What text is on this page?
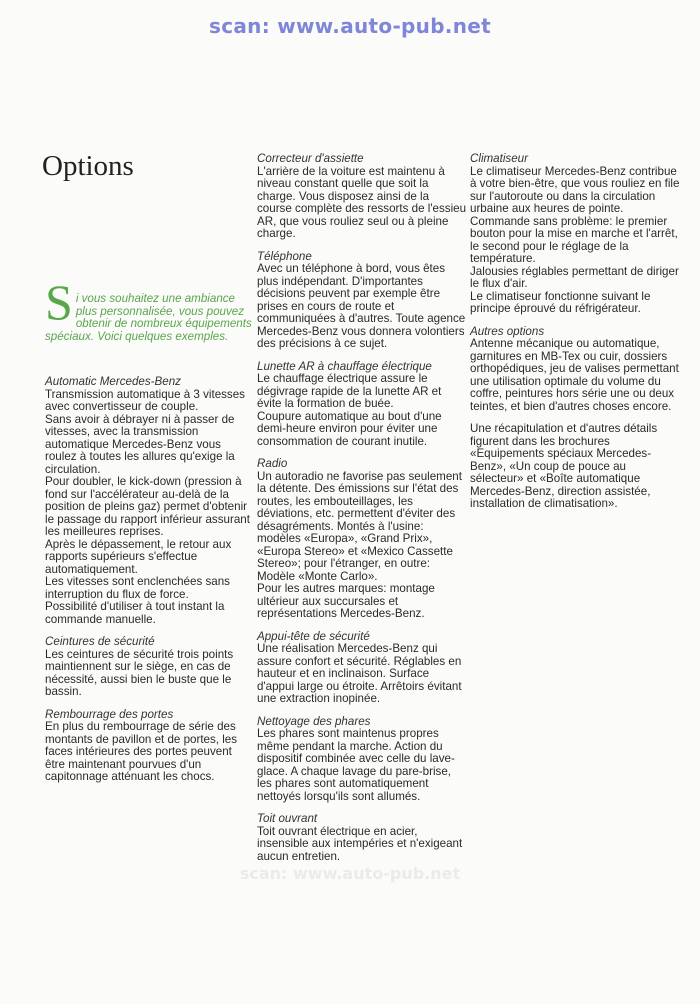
scan: www.auto-pub.net
Options
S i vous souhaitez une ambiance plus personnalisée, vous pouvez obtenir de nombreux équipements spéciaux. Voici quelques exemples.
Automatic Mercedes-Benz

Transmission automatique à 3 vitesses avec convertisseur de couple.

Sans avoir à débrayer ni à passer de vitesses, avec la transmission automatique Mercedes-Benz vous roulez à toutes les allures qu'exige la circulation.

Pour doubler, le kick-down (pression à fond sur l'accélérateur au-delà de la position de pleins gaz) permet d'obtenir le passage du rapport inférieur assurant les meilleures reprises.

Après le dépassement, le retour aux rapports supérieurs s'effectue automatiquement.

Les vitesses sont enclenchées sans interruption du flux de force.

Possibilité d'utiliser à tout instant la commande manuelle.

Ceintures de sécurité

Les ceintures de sécurité trois points maintiennent sur le siège, en cas de nécessité, aussi bien le buste que le bassin.

Rembourrage des portes

En plus du rembourrage de série des montants de pavillon et de portes, les faces intérieures des portes peuvent être maintenant pourvues d'un capitonnage atténuant les chocs.

Correcteur d'assiette

L'arrière de la voiture est maintenu à niveau constant quelle que soit la charge. Vous disposez ainsi de la course complète des ressorts de l'essieu AR, que vous rouliez seul ou à pleine charge.

Téléphone

Avec un téléphone à bord, vous êtes plus indépendant. D'importantes décisions peuvent par exemple être prises en cours de route et communiquées à d'autres. Toute agence Mercedes-Benz vous donnera volontiers des précisions à ce sujet.

Lunette AR à chauffage électrique

Le chauffage électrique assure le dégivrage rapide de la lunette AR et évite la formation de buée.

Coupure automatique au bout d'une demi-heure environ pour éviter une consommation de courant inutile.

Radio

Un autoradio ne favorise pas seulement la détente. Des émissions sur l'état des routes, les embouteillages, les déviations, etc. permettent d'éviter des désagréments. Montés à l'usine: modèles «Europa», «Grand Prix», «Europa Stereo» et «Mexico Cassette Stereo»; pour l'étranger, en outre: Modèle «Monte Carlo».

Pour les autres marques: montage ultérieur aux succursales et représentations Mercedes-Benz.

Appui-tête de sécurité

Une réalisation Mercedes-Benz qui assure confort et sécurité. Réglables en hauteur et en inclinaison. Surface d'appui large ou étroite. Arrêtoirs évitant une extraction inopinée.

Nettoyage des phares

Les phares sont maintenus propres même pendant la marche. Action du dispositif combinée avec celle du lave-glace. A chaque lavage du pare-brise, les phares sont automatiquement nettoyés lorsqu'ils sont allumés.

Toit ouvrant

Toit ouvrant électrique en acier, insensible aux intempéries et n'exigeant aucun entretien.

Climatiseur

Le climatiseur Mercedes-Benz contribue à votre bien-être, que vous rouliez en file sur l'autoroute ou dans la circulation urbaine aux heures de pointe.

Commande sans problème: le premier bouton pour la mise en marche et l'arrêt, le second pour le réglage de la température.

Jalousies réglables permettant de diriger le flux d'air.

Le climatiseur fonctionne suivant le principe éprouvé du réfrigérateur.

Autres options

Antenne mécanique ou automatique, garnitures en MB-Tex ou cuir, dossiers orthopédiques, jeu de valises permettant une utilisation optimale du volume du coffre, peintures hors série une ou deux teintes, et bien d'autres choses encore.

Une récapitulation et d'autres détails figurent dans les brochures «Equipements spéciaux Mercedes-Benz», «Un coup de pouce au sélecteur» et «Boîte automatique Mercedes-Benz, direction assistée, installation de climatisation».

scan: www.auto-pub.net
